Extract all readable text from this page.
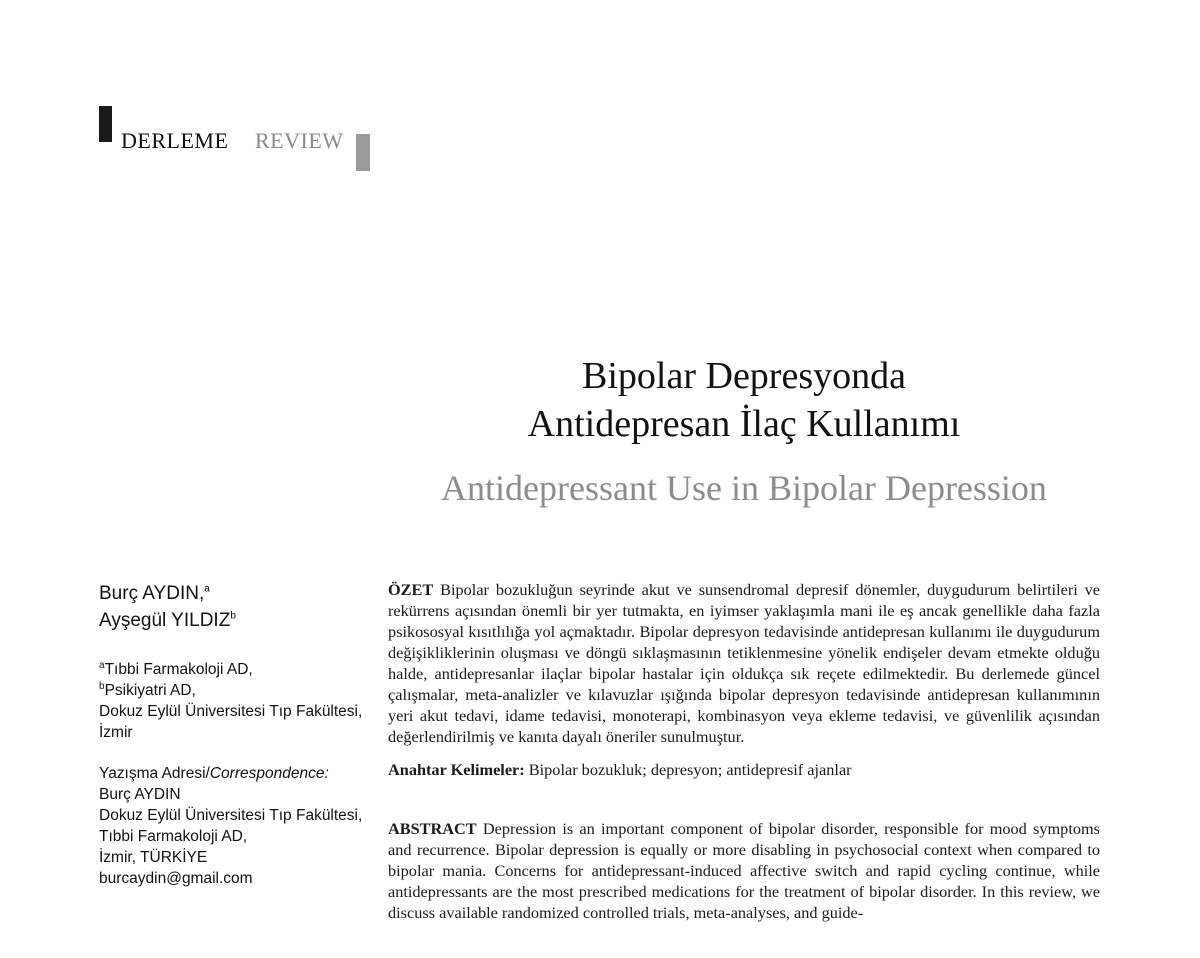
DERLEME REVIEW
Bipolar Depresyonda
Antidepresan İlaç Kullanımı
Antidepressant Use in Bipolar Depression
Burç AYDIN,$^a$
Ayşegül YILDIZ$^b$
$^a$Tıbbi Farmakoloji AD,
$^b$Psikiyatri AD,
Dokuz Eylül Üniversitesi Tıp Fakültesi,
İzmir
Yazışma Adresi/Correspondence:
Burç AYDIN
Dokuz Eylül Üniversitesi Tıp Fakültesi,
Tıbbi Farmakoloji AD,
İzmir, TÜRKİYE
burcaydin@gmail.com

ÖZET Bipolar bozukluğun seyrinde akut ve sunsendromal depresif dönemler, duygudurum belirtileri ve rekürrens açısından önemli bir yer tutmakta, en iyimser yaklaşımla mani ile eş ancak genellikle daha fazla psikososyal kısıtlılığa yol açmaktadır. Bipolar depresyon tedavisinde antidepresan kullanımı ile duygudurum değişikliklerinin oluşması ve döngü sıklaşmasının tetiklenmesine yönelik endişeler devam etmekte olduğu halde, antidepresanlar ilaçlar bipolar hastalar için oldukça sık reçete edilmektedir. Bu derlemede güncel çalışmalar, meta-analizler ve kılavuzlar ışığında bipolar depresyon tedavisinde antidepresan kullanımının yeri akut tedavi, idame tedavisi, monoterapi, kombinasyon veya ekleme tedavisi, ve güvenlilik açısından değerlendirilmiş ve kanıta dayalı öneriler sunulmuştur.

Anahtar Kelimeler: Bipolar bozukluk; depresyon; antidepresif ajanlar

ABSTRACT Depression is an important component of bipolar disorder, responsible for mood symptoms and recurrence. Bipolar depression is equally or more disabling in psychosocial context when compared to bipolar mania. Concerns for antidepressant-induced affective switch and rapid cycling continue, while antidepressants are the most prescribed medications for the treatment of bipolar disorder. In this review, we discuss available randomized controlled trials, meta-analyses, and guide-
